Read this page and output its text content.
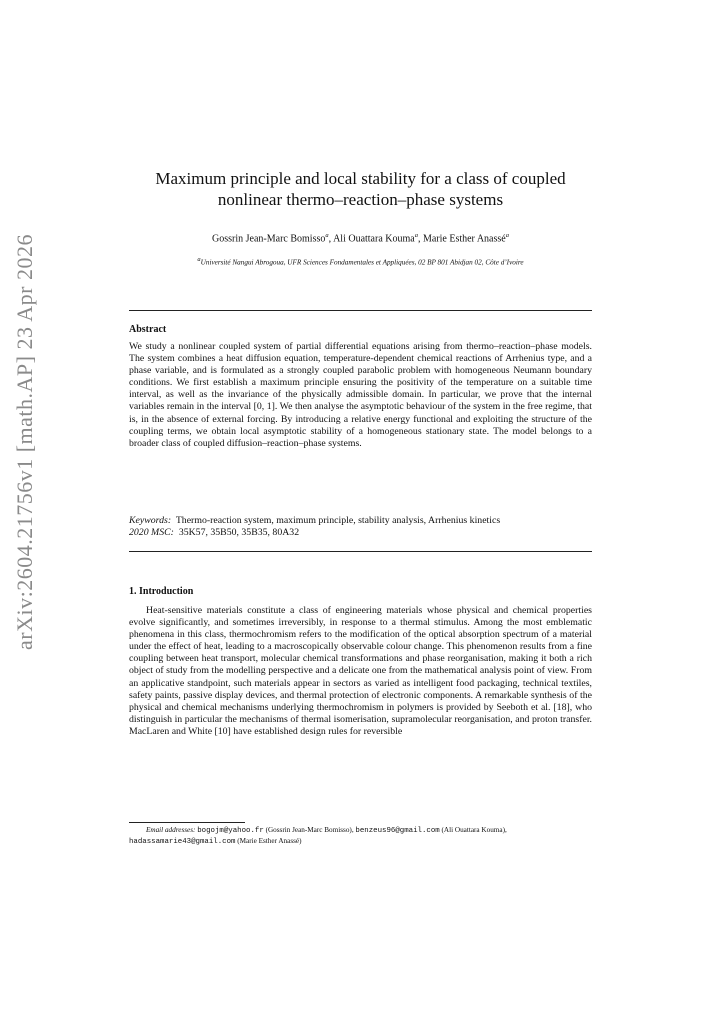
arXiv:2604.21756v1 [math.AP] 23 Apr 2026
Maximum principle and local stability for a class of coupled
nonlinear thermo–reaction–phase systems
Gossrin Jean-Marc Bomisso$^a$, Ali Ouattara Kouma$^a$, Marie Esther Anassé$^a$
$^a$Université Nangui Abrogoua, UFR Sciences Fondamentales et Appliquées, 02 BP 801 Abidjan 02, Côte d’Ivoire
Abstract
We study a nonlinear coupled system of partial differential equations arising from thermo–reaction–phase models. The system combines a heat diffusion equation, temperature-dependent chemical reactions of Arrhenius type, and a phase variable, and is formulated as a strongly coupled parabolic problem with homogeneous Neumann boundary conditions. We first establish a maximum principle ensuring the positivity of the temperature on a suitable time interval, as well as the invariance of the physically admissible domain. In particular, we prove that the internal variables remain in the interval [0, 1]. We then analyse the asymptotic behaviour of the system in the free regime, that is, in the absence of external forcing. By introducing a relative energy functional and exploiting the structure of the coupling terms, we obtain local asymptotic stability of a homogeneous stationary state. The model belongs to a broader class of coupled diffusion–reaction–phase systems.
Keywords: Thermo-reaction system, maximum principle, stability analysis, Arrhenius kinetics
2020 MSC: 35K57, 35B50, 35B35, 80A32
1. Introduction
Heat-sensitive materials constitute a class of engineering materials whose physical and chemical properties evolve significantly, and sometimes irreversibly, in response to a thermal stimulus. Among the most emblematic phenomena in this class, thermochromism refers to the modification of the optical absorption spectrum of a material under the effect of heat, leading to a macroscopically observable colour change. This phenomenon results from a fine coupling between heat transport, molecular chemical transformations and phase reorganisation, making it both a rich object of study from the modelling perspective and a delicate one from the mathematical analysis point of view. From an applicative standpoint, such materials appear in sectors as varied as intelligent food packaging, technical textiles, safety paints, passive display devices, and thermal protection of electronic components. A remarkable synthesis of the physical and chemical mechanisms underlying thermochromism in polymers is provided by Seeboth et al. [18], who distinguish in particular the mechanisms of thermal isomerisation, supramolecular reorganisation, and proton transfer. MacLaren and White [10] have established design rules for reversible
Email addresses: bogojm@yahoo.fr (Gossrin Jean-Marc Bomisso), benzeus96@gmail.com (Ali Ouattara Kouma), hadassamarie43@gmail.com (Marie Esther Anassé)
